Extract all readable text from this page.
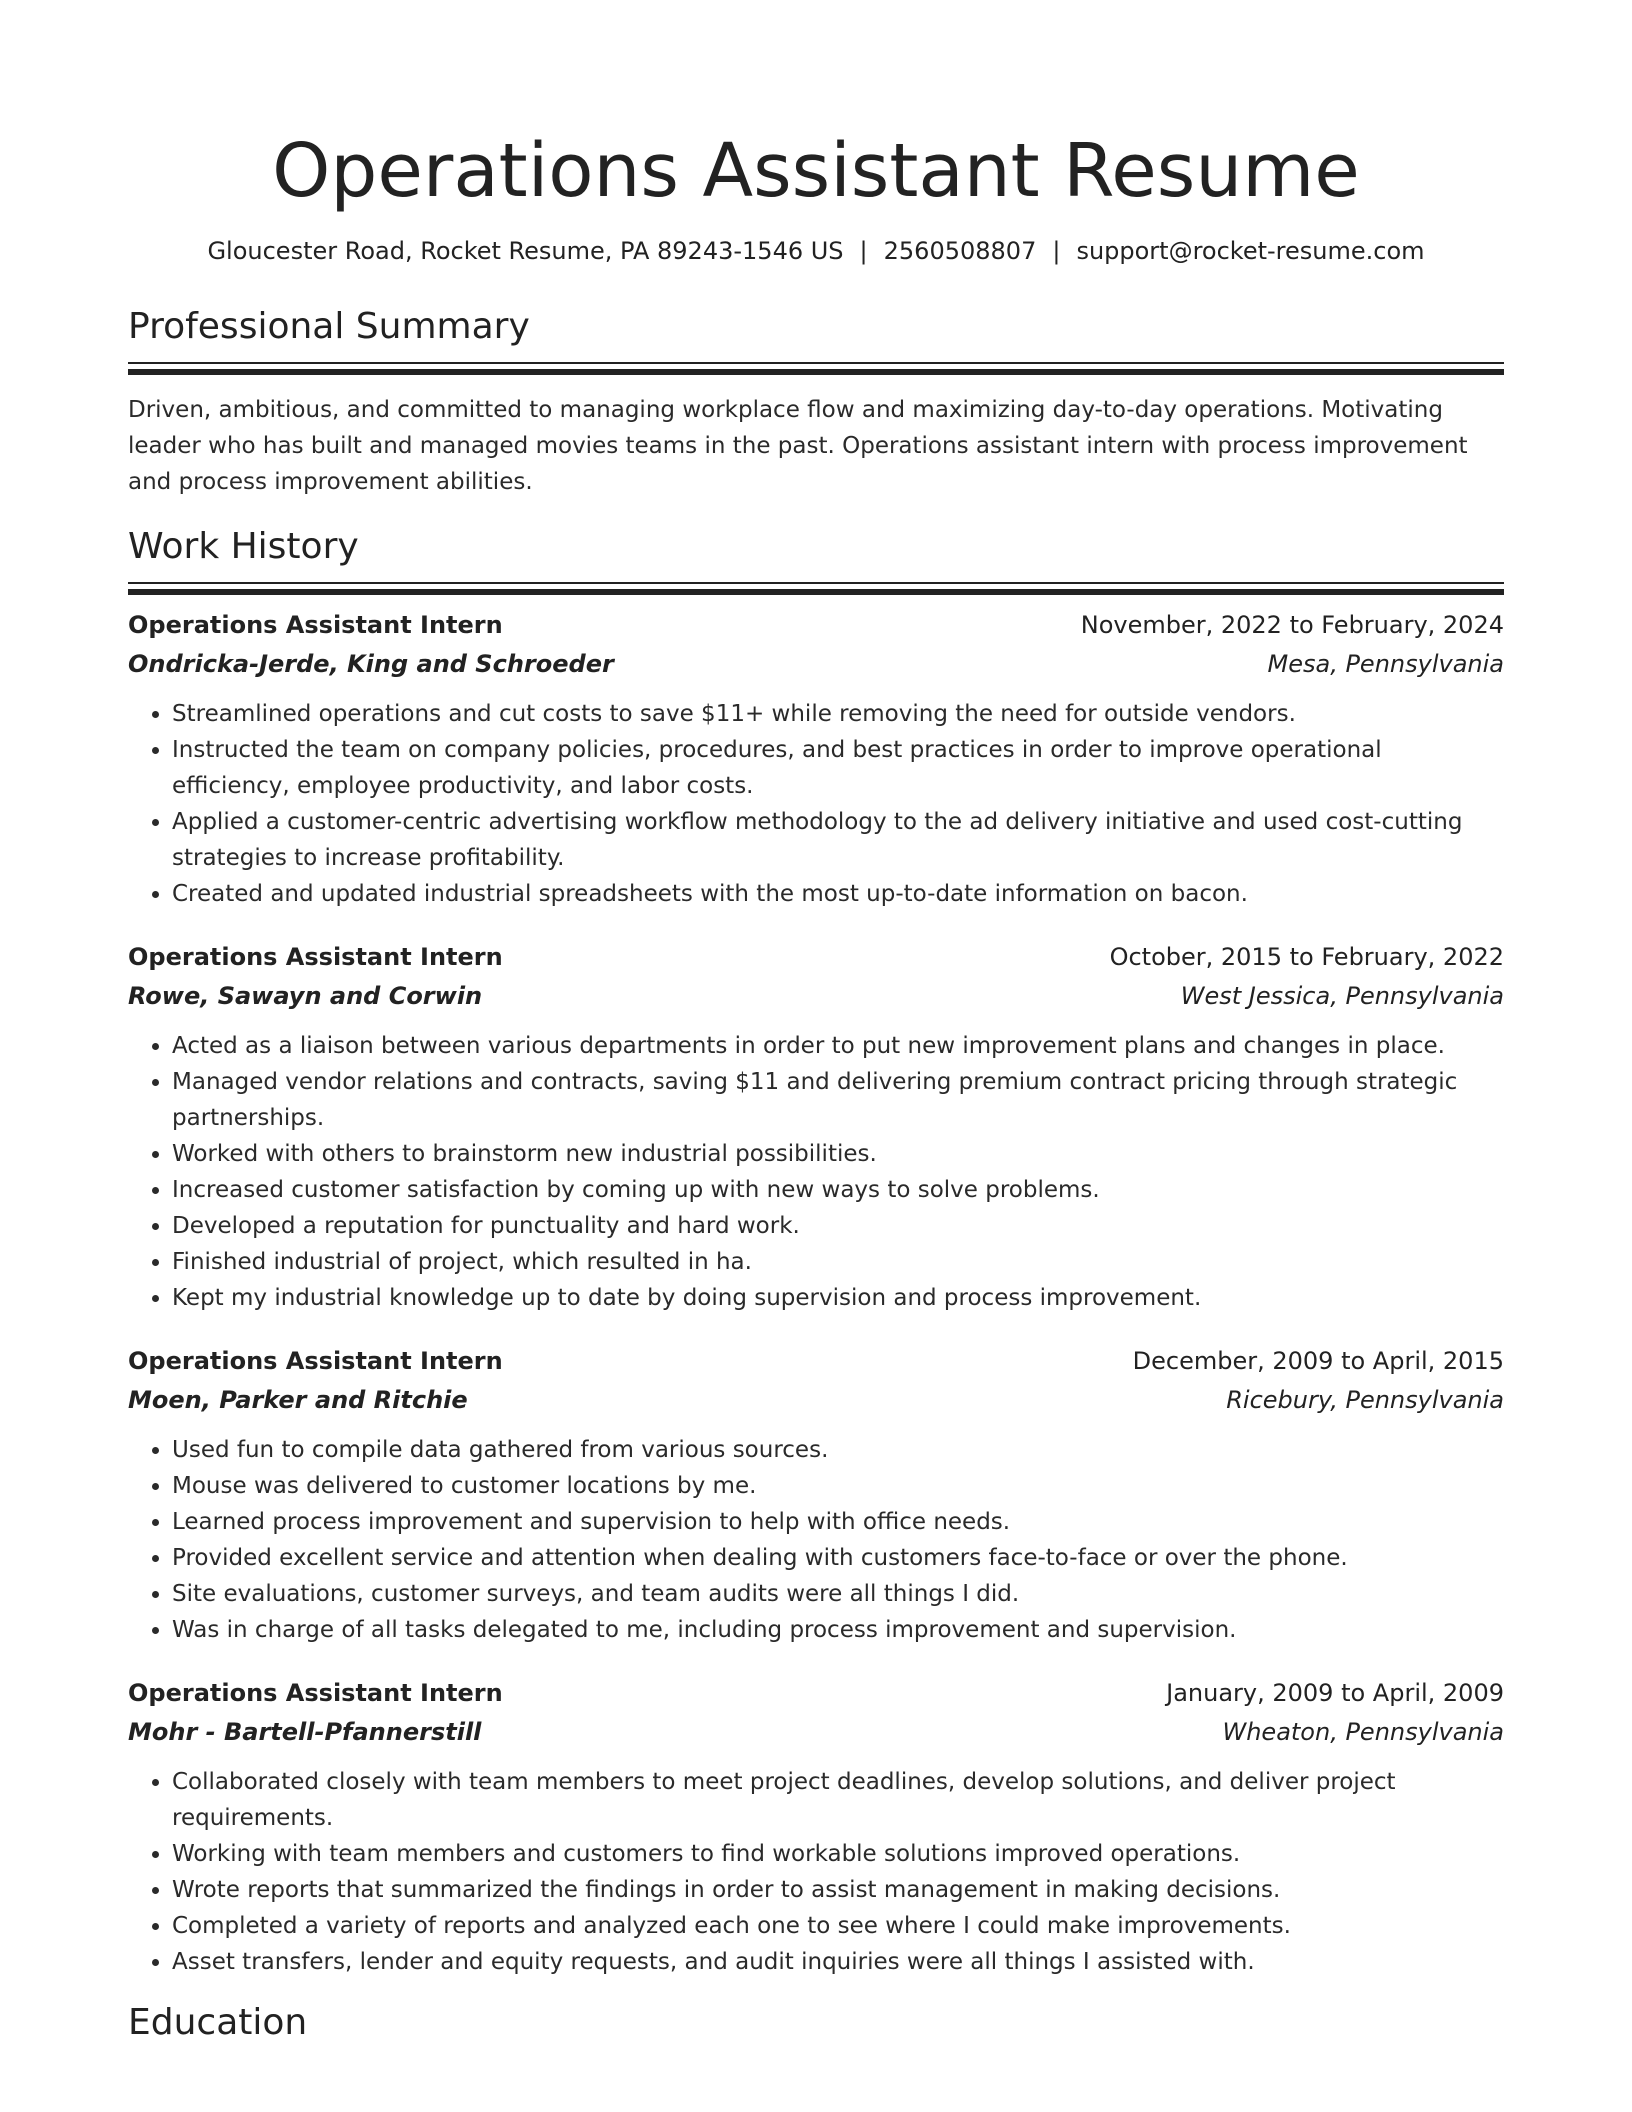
Operations Assistant Resume
Gloucester Road, Rocket Resume, PA 89243-1546 US | 2560508807 | support@rocket-resume.com
Professional Summary
Driven, ambitious, and committed to managing workplace flow and maximizing day-to-day operations. Motivating leader who has built and managed movies teams in the past. Operations assistant intern with process improvement and process improvement abilities.
Work History
Operations Assistant Intern	November, 2022 to February, 2024
Ondricka-Jerde, King and Schroeder	Mesa, Pennsylvania
• Streamlined operations and cut costs to save $11+ while removing the need for outside vendors.
• Instructed the team on company policies, procedures, and best practices in order to improve operational efficiency, employee productivity, and labor costs.
• Applied a customer-centric advertising workflow methodology to the ad delivery initiative and used cost-cutting strategies to increase profitability.
• Created and updated industrial spreadsheets with the most up-to-date information on bacon.
Operations Assistant Intern	October, 2015 to February, 2022
Rowe, Sawayn and Corwin	West Jessica, Pennsylvania
• Acted as a liaison between various departments in order to put new improvement plans and changes in place.
• Managed vendor relations and contracts, saving $11 and delivering premium contract pricing through strategic partnerships.
• Worked with others to brainstorm new industrial possibilities.
• Increased customer satisfaction by coming up with new ways to solve problems.
• Developed a reputation for punctuality and hard work.
• Finished industrial of project, which resulted in ha.
• Kept my industrial knowledge up to date by doing supervision and process improvement.
Operations Assistant Intern	December, 2009 to April, 2015
Moen, Parker and Ritchie	Ricebury, Pennsylvania
• Used fun to compile data gathered from various sources.
• Mouse was delivered to customer locations by me.
• Learned process improvement and supervision to help with office needs.
• Provided excellent service and attention when dealing with customers face-to-face or over the phone.
• Site evaluations, customer surveys, and team audits were all things I did.
• Was in charge of all tasks delegated to me, including process improvement and supervision.
Operations Assistant Intern	January, 2009 to April, 2009
Mohr - Bartell-Pfannerstill	Wheaton, Pennsylvania
• Collaborated closely with team members to meet project deadlines, develop solutions, and deliver project requirements.
• Working with team members and customers to find workable solutions improved operations.
• Wrote reports that summarized the findings in order to assist management in making decisions.
• Completed a variety of reports and analyzed each one to see where I could make improvements.
• Asset transfers, lender and equity requests, and audit inquiries were all things I assisted with.
Education
